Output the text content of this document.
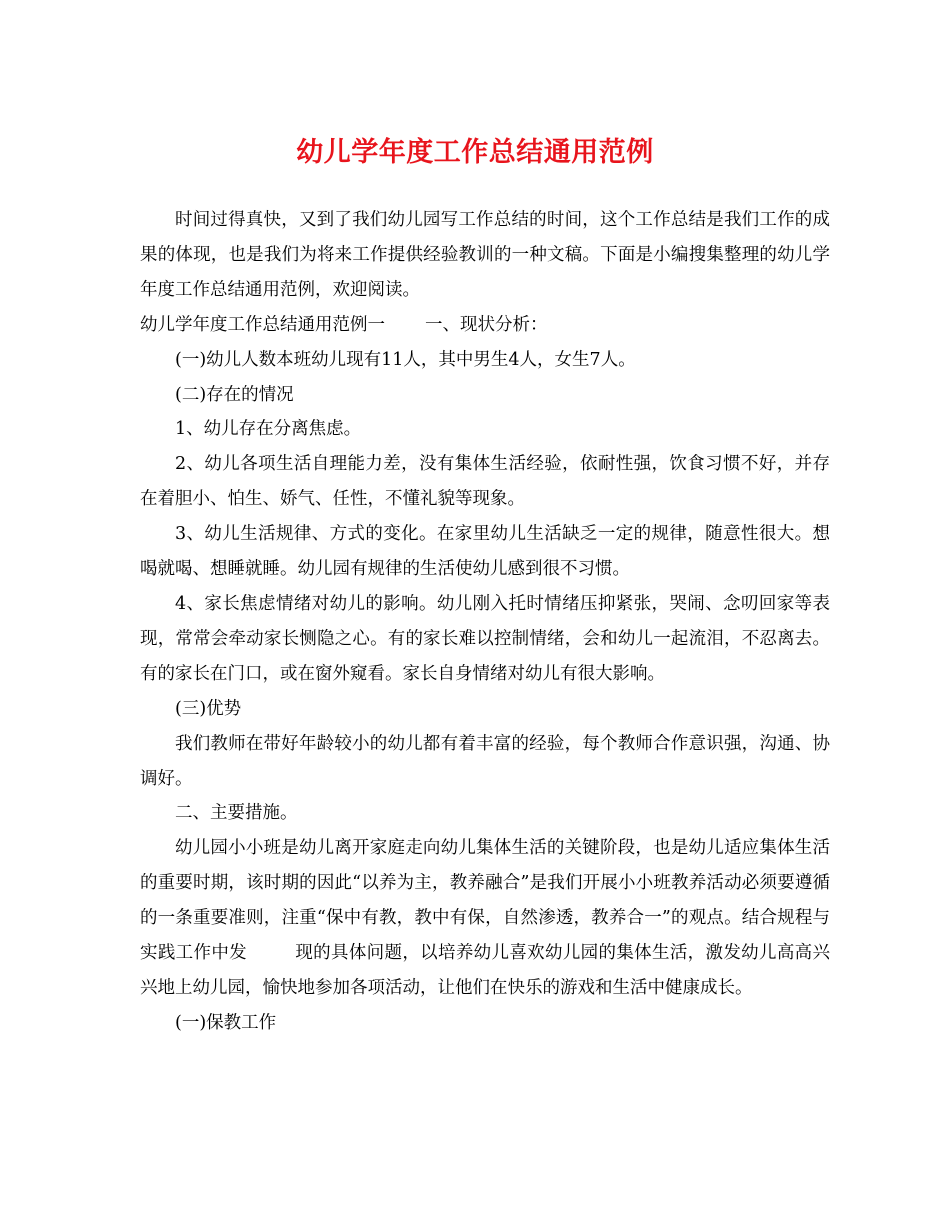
幼儿学年度工作总结通用范例

时间过得真快，又到了我们幼儿园写工作总结的时间，这个工作总结是我们工作的成果的体现，也是我们为将来工作提供经验教训的一种文稿。下面是小编搜集整理的幼儿学年度工作总结通用范例，欢迎阅读。

幼儿学年度工作总结通用范例一 一、现状分析：

(一)幼儿人数本班幼儿现有11人，其中男生4人，女生7人。

(二)存在的情况

1、幼儿存在分离焦虑。

2、幼儿各项生活自理能力差，没有集体生活经验，依耐性强，饮食习惯不好，并存在着胆小、怕生、娇气、任性，不懂礼貌等现象。

3、幼儿生活规律、方式的变化。在家里幼儿生活缺乏一定的规律，随意性很大。想喝就喝、想睡就睡。幼儿园有规律的生活使幼儿感到很不习惯。

4、家长焦虑情绪对幼儿的影响。幼儿刚入托时情绪压抑紧张，哭闹、念叨回家等表现，常常会牵动家长恻隐之心。有的家长难以控制情绪，会和幼儿一起流泪，不忍离去。有的家长在门口，或在窗外窥看。家长自身情绪对幼儿有很大影响。

(三)优势

我们教师在带好年龄较小的幼儿都有着丰富的经验，每个教师合作意识强，沟通、协调好。

二、主要措施。

幼儿园小小班是幼儿离开家庭走向幼儿集体生活的关键阶段，也是幼儿适应集体生活的重要时期，该时期的因此“以养为主，教养融合”是我们开展小小班教养活动必须要遵循的一条重要准则，注重“保中有教，教中有保，自然渗透，教养合一”的观点。结合规程与实践工作中发	现的具体问题，以培养幼儿喜欢幼儿园的集体生活，激发幼儿高高兴兴地上幼儿园，愉快地参加各项活动，让他们在快乐的游戏和生活中健康成长。

(一)保教工作
